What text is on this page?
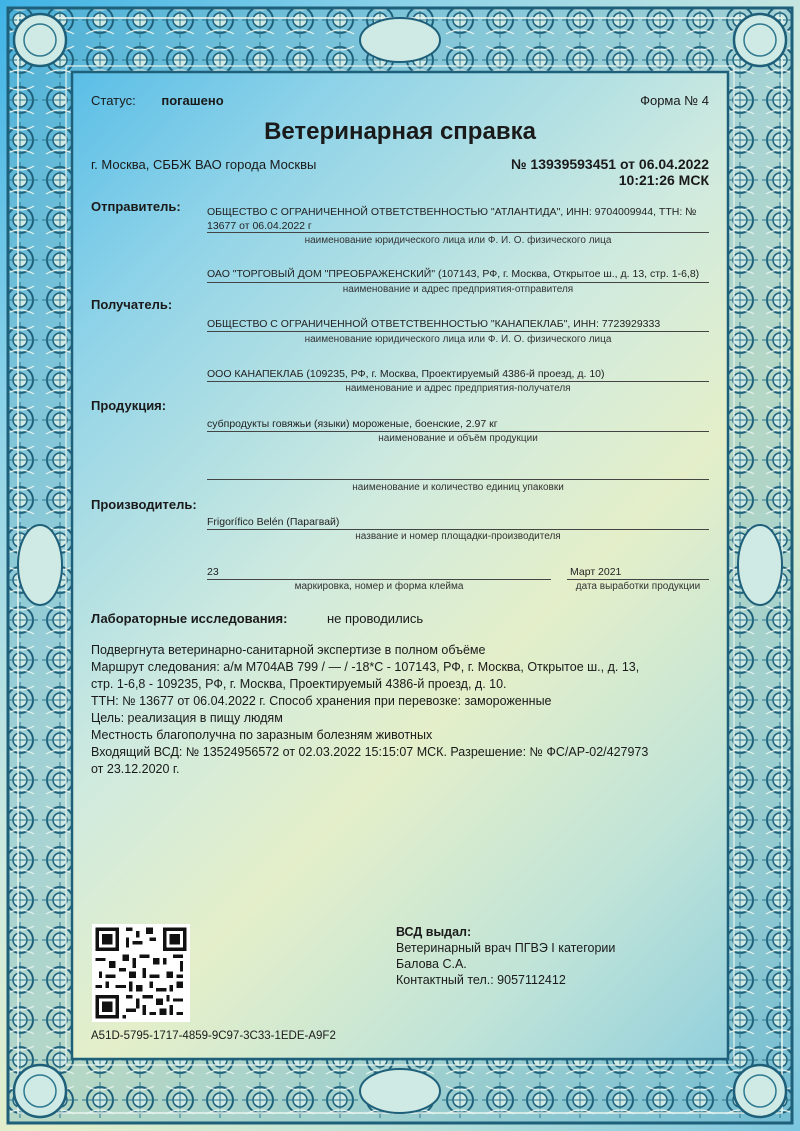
Статус: погашено	Форма № 4
Ветеринарная справка
г. Москва, СББЖ ВАО города Москвы	№ 13939593451 от 06.04.2022
10:21:26 МСК
Отправитель:	ОБЩЕСТВО С ОГРАНИЧЕННОЙ ОТВЕТСТВЕННОСТЬЮ "АТЛАНТИДА", ИНН: 9704009944, ТТН: №
13677 от 06.04.2022 г
наименование юридического лица или Ф. И. О. физического лица
ОАО "ТОРГОВЫЙ ДОМ "ПРЕОБРАЖЕНСКИЙ" (107143, РФ, г. Москва, Открытое ш., д. 13, стр. 1-6,8)
наименование и адрес предприятия-отправителя
Получатель:
ОБЩЕСТВО С ОГРАНИЧЕННОЙ ОТВЕТСТВЕННОСТЬЮ "КАНАПЕКЛАБ", ИНН: 7723929333
наименование юридического лица или Ф. И. О. физического лица
ООО КАНАПЕКЛАБ (109235, РФ, г. Москва, Проектируемый 4386-й проезд, д. 10)
наименование и адрес предприятия-получателя
Продукция:
субпродукты говяжьи (языки) мороженые, боенские, 2.97 кг
наименование и объём продукции
наименование и количество единиц упаковки
Производитель:
Frigorífico Belén (Парагвай)
название и номер площадки-производителя
23
маркировка, номер и форма клейма
Март 2021
дата выработки продукции
Лабораторные исследования:	не проводились
Подвергнута ветеринарно-санитарной экспертизе в полном объёме
Маршрут следования: а/м М704АВ 799 / — / -18*С - 107143, РФ, г. Москва, Открытое ш., д. 13,
стр. 1-6,8 - 109235, РФ, г. Москва, Проектируемый 4386-й проезд, д. 10.
ТТН: № 13677 от 06.04.2022 г. Способ хранения при перевозке: замороженные
Цель: реализация в пищу людям
Местность благополучна по заразным болезням животных
Входящий ВСД: № 13524956572 от 02.03.2022 15:15:07 МСК. Разрешение: № ФС/АР-02/427973
от 23.12.2020 г.
ВСД выдал:
Ветеринарный врач ПГВЭ I категории
Балова С.А.
Контактный тел.: 9057112412
A51D-5795-1717-4859-9C97-3C33-1EDE-A9F2
